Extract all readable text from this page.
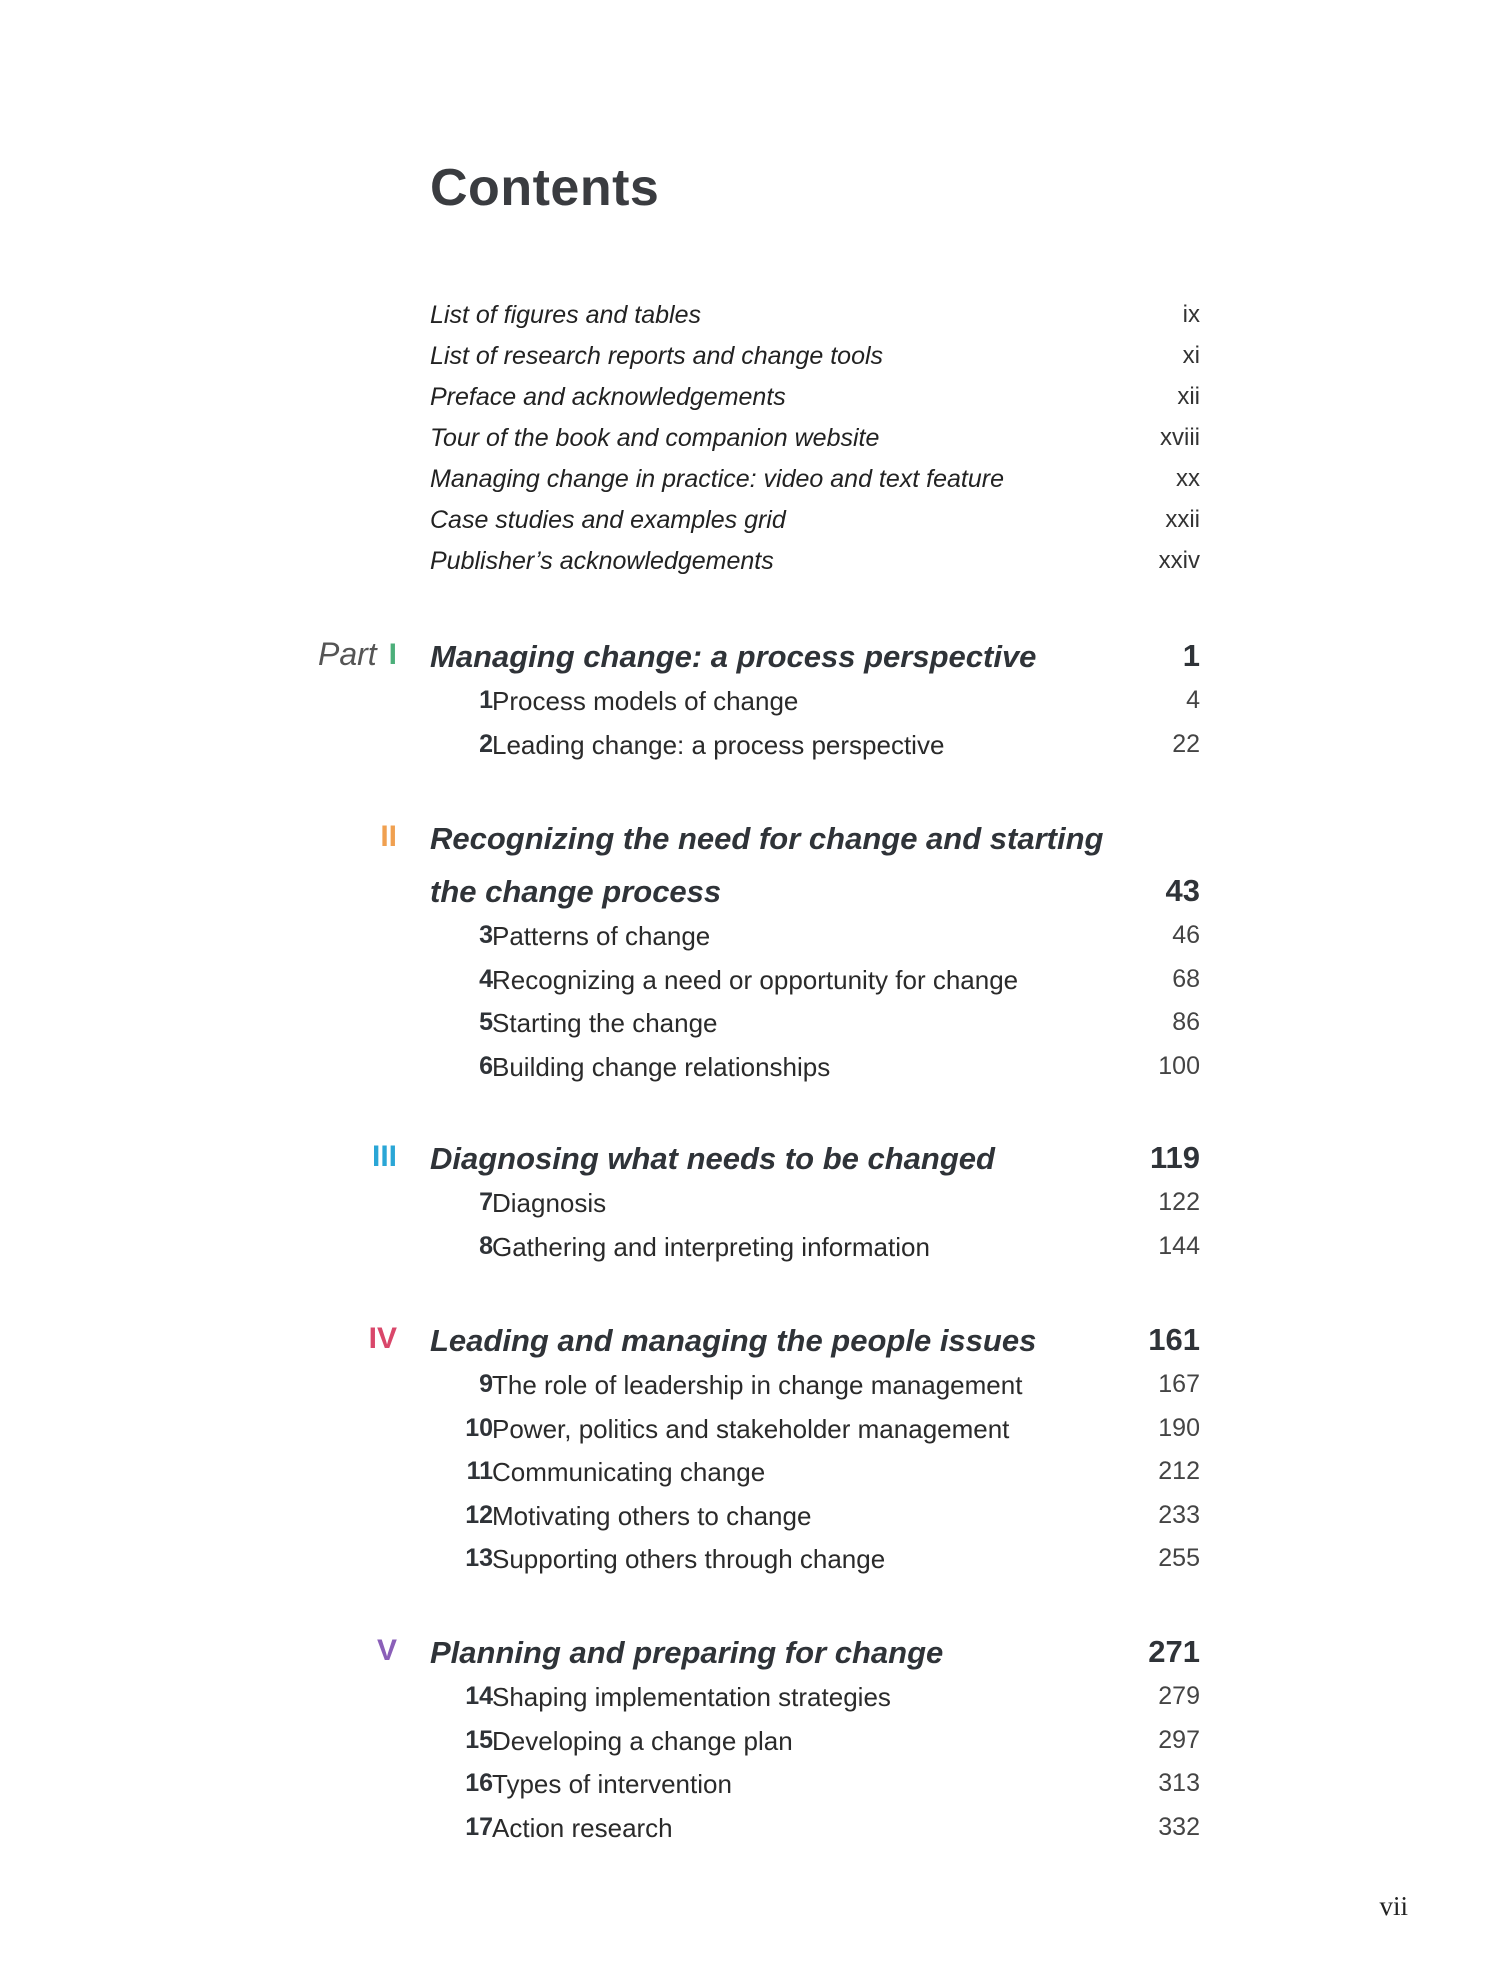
Contents
List of figures and tables	ix
List of research reports and change tools	xi
Preface and acknowledgements	xii
Tour of the book and companion website	xviii
Managing change in practice: video and text feature	xx
Case studies and examples grid	xxii
Publisher’s acknowledgements	xxiv
Part I Managing change: a process perspective	1
1 Process models of change	4
2 Leading change: a process perspective	22
II Recognizing the need for change and starting the change process	43
3 Patterns of change	46
4 Recognizing a need or opportunity for change	68
5 Starting the change	86
6 Building change relationships	100
III Diagnosing what needs to be changed	119
7 Diagnosis	122
8 Gathering and interpreting information	144
IV Leading and managing the people issues	161
9 The role of leadership in change management	167
10 Power, politics and stakeholder management	190
11 Communicating change	212
12 Motivating others to change	233
13 Supporting others through change	255
V Planning and preparing for change	271
14 Shaping implementation strategies	279
15 Developing a change plan	297
16 Types of intervention	313
17 Action research	332
vii
